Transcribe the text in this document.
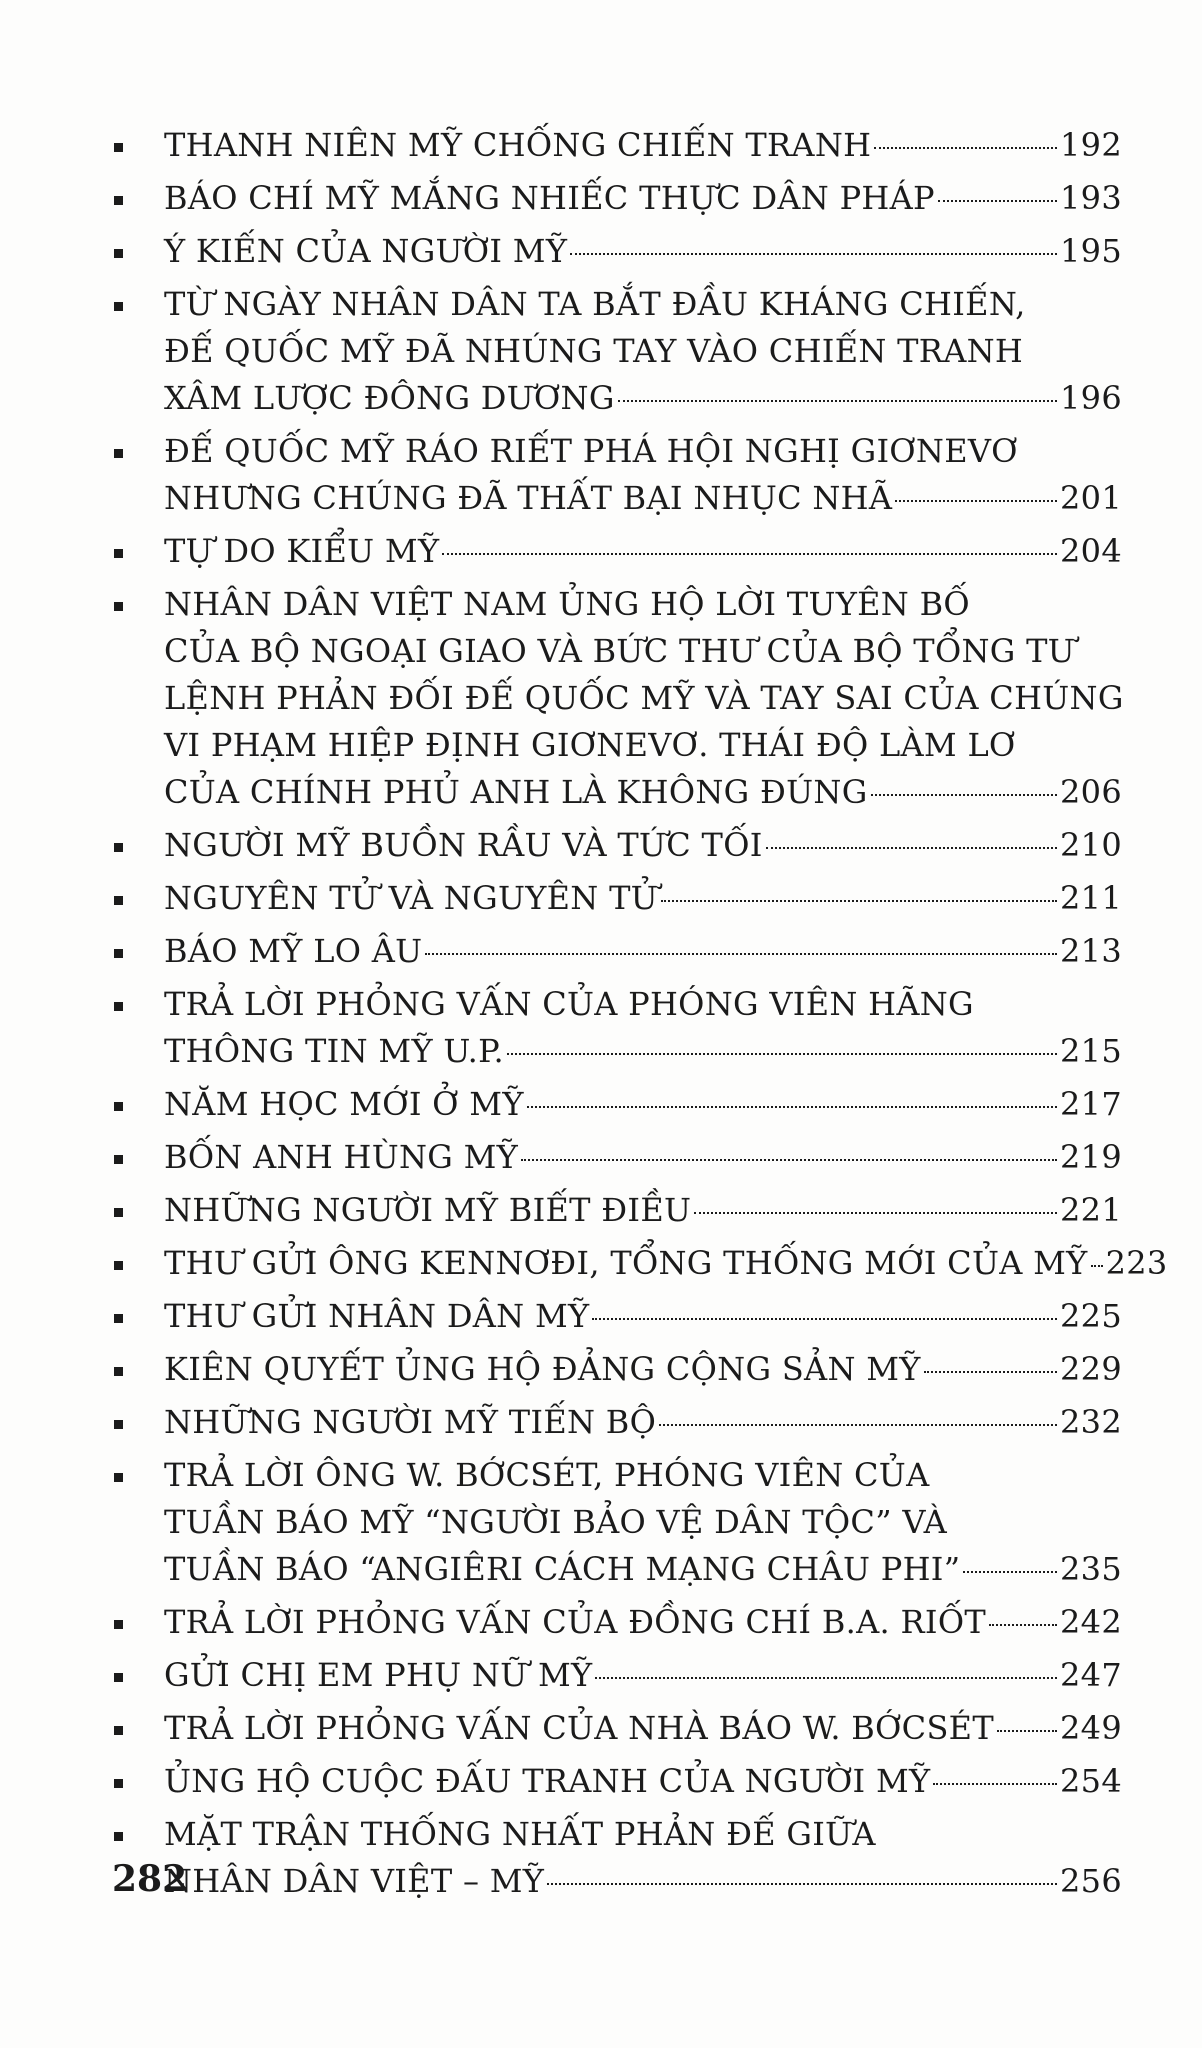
THANH NIÊN MỸ CHỐNG CHIẾN TRANH	192
BÁO CHÍ MỸ MẮNG NHIẾC THỰC DÂN PHÁP	193
Ý KIẾN CỦA NGƯỜI MỸ	195
TỪ NGÀY NHÂN DÂN TA BẮT ĐẦU KHÁNG CHIẾN,
ĐẾ QUỐC MỸ ĐÃ NHÚNG TAY VÀO CHIẾN TRANH
XÂM LƯỢC ĐÔNG DƯƠNG	196
ĐẾ QUỐC MỸ RÁO RIẾT PHÁ HỘI NGHỊ GIƠNEVƠ
NHƯNG CHÚNG ĐÃ THẤT BẠI NHỤC NHÃ	201
TỰ DO KIỂU MỸ	204
NHÂN DÂN VIỆT NAM ỦNG HỘ LỜI TUYÊN BỐ
CỦA BỘ NGOẠI GIAO VÀ BỨC THƯ CỦA BỘ TỔNG TƯ
LỆNH PHẢN ĐỐI ĐẾ QUỐC MỸ VÀ TAY SAI CỦA CHÚNG
VI PHẠM HIỆP ĐỊNH GIƠNEVƠ. THÁI ĐỘ LÀM LƠ
CỦA CHÍNH PHỦ ANH LÀ KHÔNG ĐÚNG	206
NGƯỜI MỸ BUỒN RẦU VÀ TỨC TỐI	210
NGUYÊN TỬ VÀ NGUYÊN TỬ	211
BÁO MỸ LO ÂU	213
TRẢ LỜI PHỎNG VẤN CỦA PHÓNG VIÊN HÃNG
THÔNG TIN MỸ U.P.	215
NĂM HỌC MỚI Ở MỸ	217
BỐN ANH HÙNG MỸ	219
NHỮNG NGƯỜI MỸ BIẾT ĐIỀU	221
THƯ GỬI ÔNG KENNƠĐI, TỔNG THỐNG MỚI CỦA MỸ 223
THƯ GỬI NHÂN DÂN MỸ	225
KIÊN QUYẾT ỦNG HỘ ĐẢNG CỘNG SẢN MỸ	229
NHỮNG NGƯỜI MỸ TIẾN BỘ	232
TRẢ LỜI ÔNG W. BỚCSÉT, PHÓNG VIÊN CỦA
TUẦN BÁO MỸ “NGƯỜI BẢO VỆ DÂN TỘC” VÀ
TUẦN BÁO “ANGIÊRI CÁCH MẠNG CHÂU PHI”	235
TRẢ LỜI PHỎNG VẤN CỦA ĐỒNG CHÍ B.A. RIỐT 242
GỬI CHỊ EM PHỤ NỮ MỸ	247
TRẢ LỜI PHỎNG VẤN CỦA NHÀ BÁO W. BỚCSÉT 249
ỦNG HỘ CUỘC ĐẤU TRANH CỦA NGƯỜI MỸ	254
MẶT TRẬN THỐNG NHẤT PHẢN ĐẾ GIỮA
NHÂN DÂN VIỆT – MỸ	256
282
